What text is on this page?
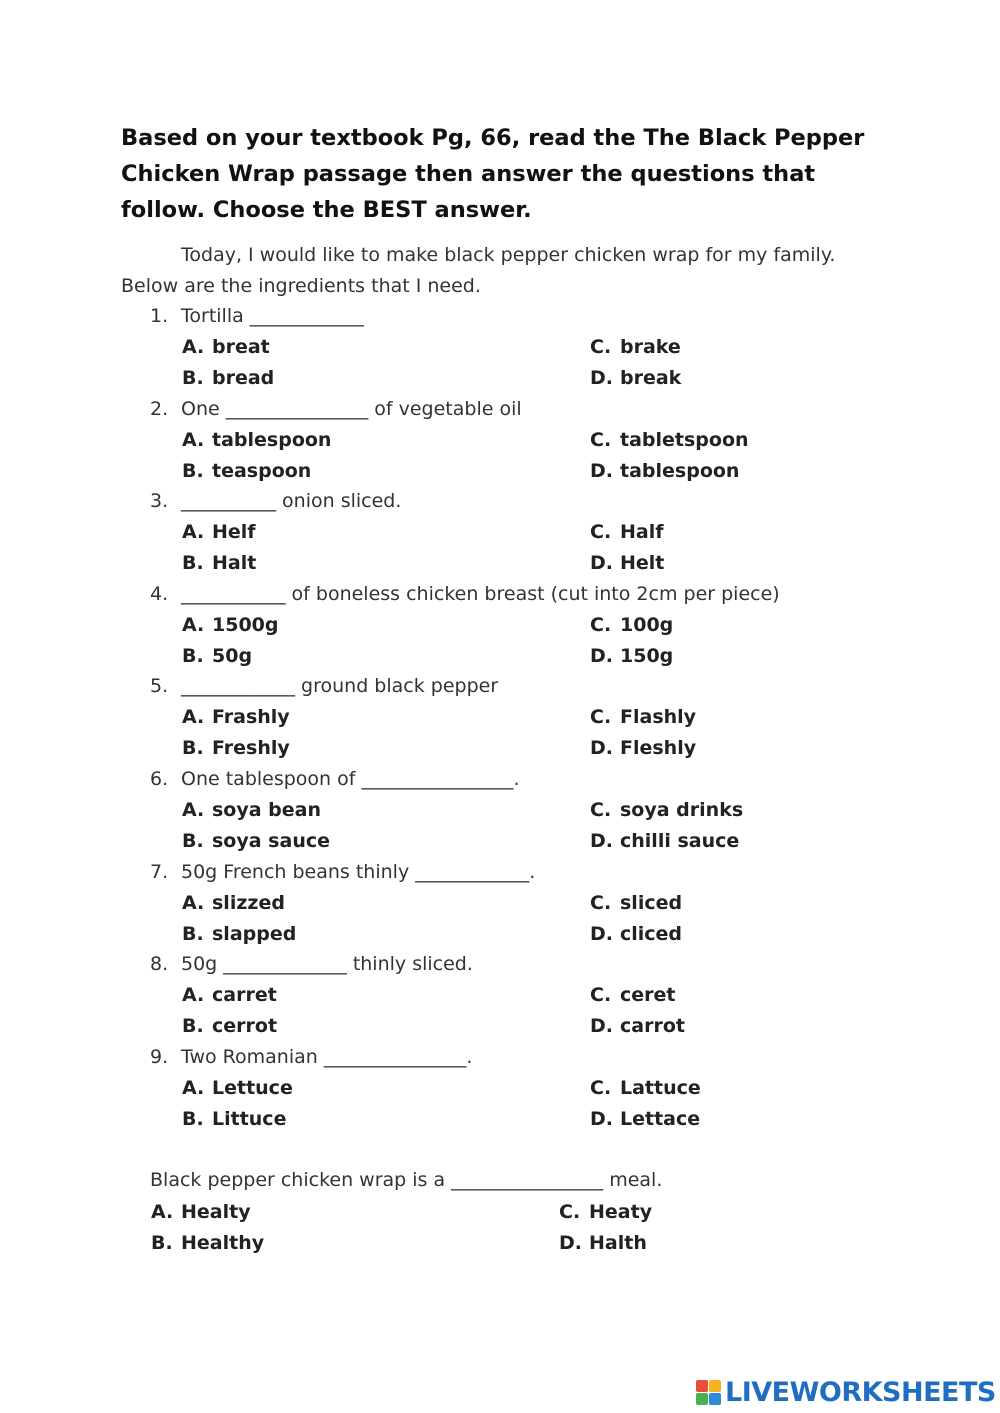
Based on your textbook Pg, 66, read the The Black Pepper Chicken Wrap passage then answer the questions that follow. Choose the BEST answer.
Today, I would like to make black pepper chicken wrap for my family.
Below are the ingredients that I need.
1. Tortilla ____________
A. breat
B. bread
C. brake
D. break
2. One _______________ of vegetable oil
A. tablespoon
B. teaspoon
C. tabletspoon
D. tablespoon
3. __________ onion sliced.
A. Helf
B. Halt
C. Half
D. Helt
4. ___________ of boneless chicken breast (cut into 2cm per piece)
A. 1500g
B. 50g
C. 100g
D. 150g
5. ____________ ground black pepper
A. Frashly
B. Freshly
C. Flashly
D. Fleshly
6. One tablespoon of ________________.
A. soya bean
B. soya sauce
C. soya drinks
D. chilli sauce
7. 50g French beans thinly ____________.
A. slizzed
B. slapped
C. sliced
D. cliced
8. 50g _____________ thinly sliced.
A. carret
B. cerrot
C. ceret
D. carrot
9. Two Romanian _______________.
A. Lettuce
B. Littuce
C. Lattuce
D. Lettace
Black pepper chicken wrap is a ________________ meal.
A. Healty
B. Healthy
C. Heaty
D. Halth
LIVEWORKSHEETS
